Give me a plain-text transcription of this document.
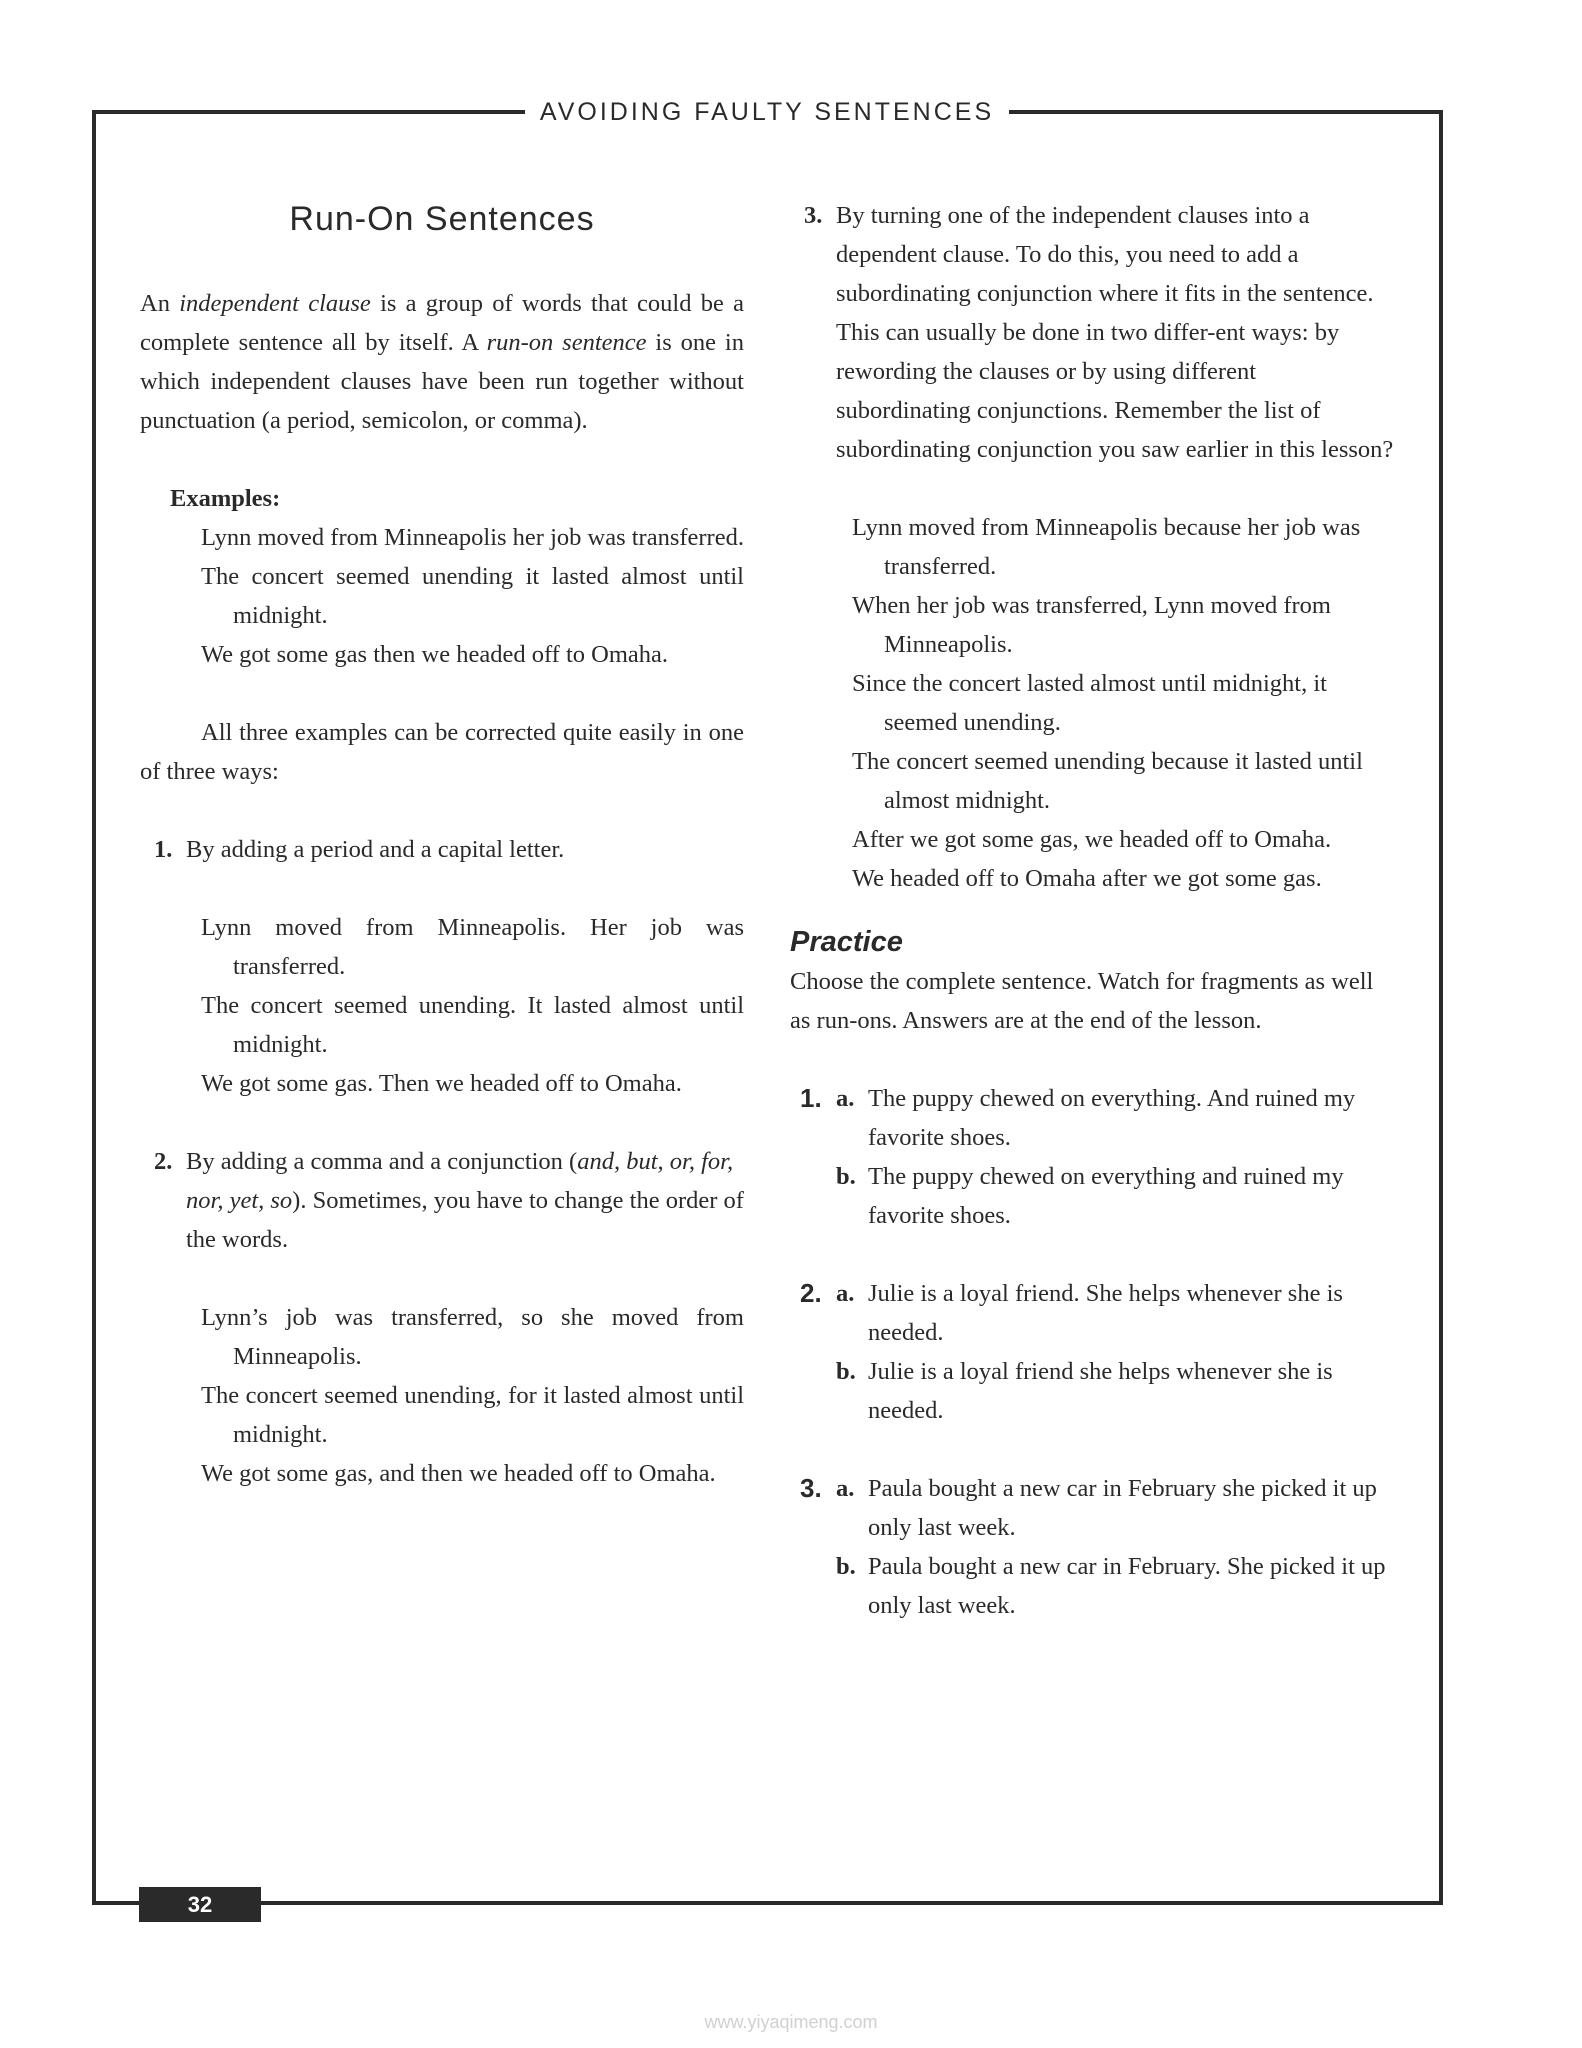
AVOIDING FAULTY SENTENCES
Run-On Sentences

An independent clause is a group of words that could be a complete sentence all by itself. A run-on sentence is one in which independent clauses have been run together without punctuation (a period, semicolon, or comma).

Examples:

Lynn moved from Minneapolis her job was transferred.

The concert seemed unending it lasted almost until midnight.

We got some gas then we headed off to Omaha.

All three examples can be corrected quite easily in one of three ways:

1. By adding a period and a capital letter.

Lynn moved from Minneapolis. Her job was transferred.

The concert seemed unending. It lasted almost until midnight.

We got some gas. Then we headed off to Omaha.

2. By adding a comma and a conjunction (and, but, or, for, nor, yet, so). Sometimes, you have to change the order of the words.

Lynn’s job was transferred, so she moved from Minneapolis.

The concert seemed unending, for it lasted almost until midnight.

We got some gas, and then we headed off to Omaha.

3. By turning one of the independent clauses into a dependent clause. To do this, you need to add a subordinating conjunction where it fits in the sentence. This can usually be done in two differ-ent ways: by rewording the clauses or by using different subordinating conjunctions. Remember the list of subordinating conjunction you saw earlier in this lesson?

Lynn moved from Minneapolis because her job was transferred.

When her job was transferred, Lynn moved from Minneapolis.

Since the concert lasted almost until midnight, it seemed unending.

The concert seemed unending because it lasted until almost midnight.

After we got some gas, we headed off to Omaha.

We headed off to Omaha after we got some gas.

Practice

Choose the complete sentence. Watch for fragments as well as run-ons. Answers are at the end of the lesson.

1. a. The puppy chewed on everything. And ruined my favorite shoes.
b. The puppy chewed on everything and ruined my favorite shoes.
2. a. Julie is a loyal friend. She helps whenever she is needed.
b. Julie is a loyal friend she helps whenever she is needed.
3. a. Paula bought a new car in February she picked it up only last week.
b. Paula bought a new car in February. She picked it up only last week.
32
www.yiyaqimeng.com
